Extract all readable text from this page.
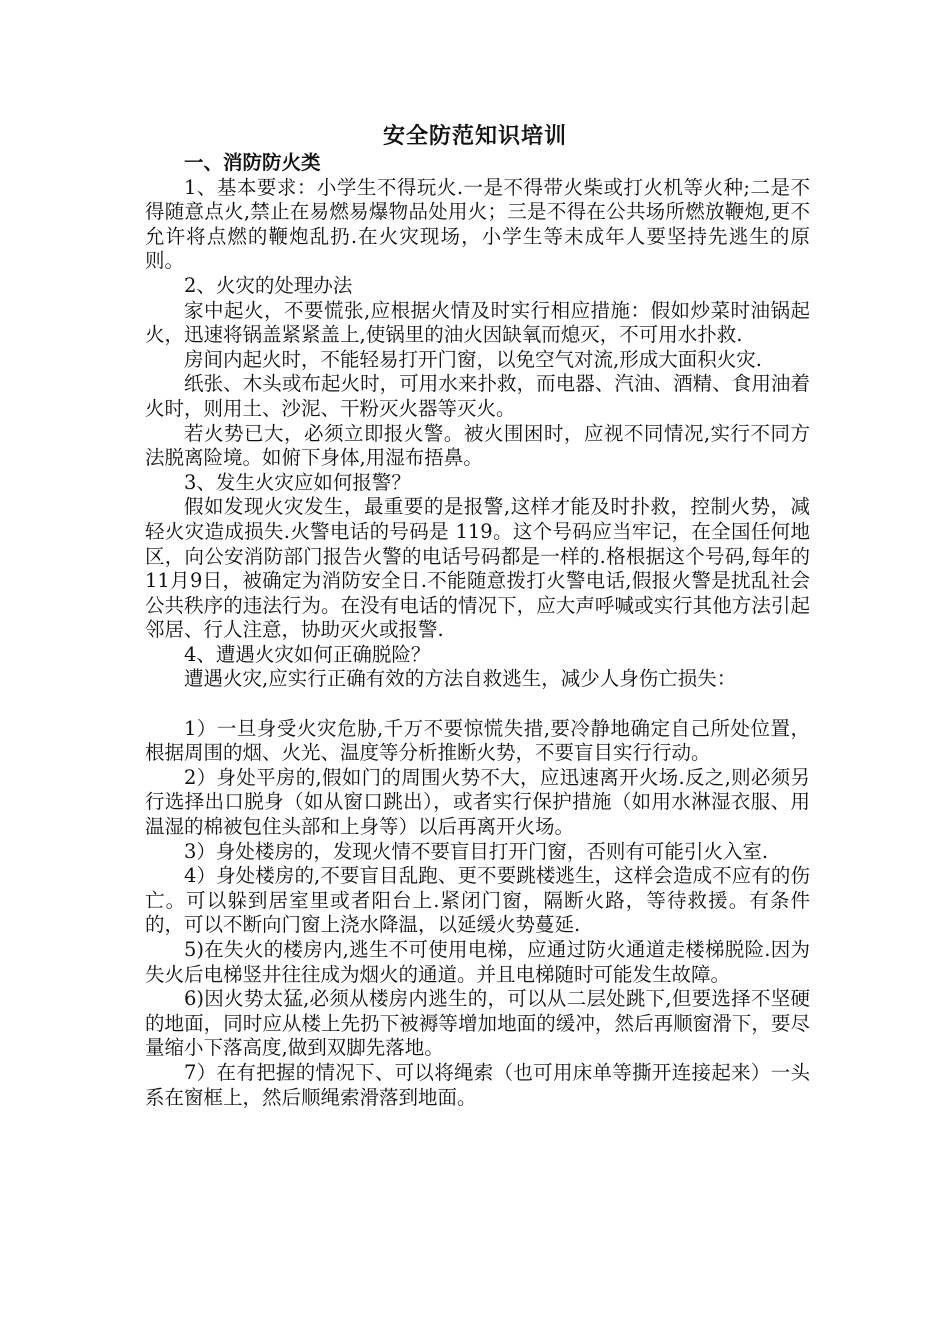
安全防范知识培训

一、消防防火类

1、基本要求：小学生不得玩火.一是不得带火柴或打火机等火种;二是不得随意点火,禁止在易燃易爆物品处用火；三是不得在公共场所燃放鞭炮,更不允许将点燃的鞭炮乱扔.在火灾现场，小学生等未成年人要坚持先逃生的原则。

2、火灾的处理办法

家中起火，不要慌张,应根据火情及时实行相应措施：假如炒菜时油锅起火，迅速将锅盖紧紧盖上,使锅里的油火因缺氧而熄灭，不可用水扑救.

房间内起火时，不能轻易打开门窗，以免空气对流,形成大面积火灾.

纸张、木头或布起火时，可用水来扑救，而电器、汽油、酒精、食用油着火时，则用土、沙泥、干粉灭火器等灭火。

若火势已大，必须立即报火警。被火围困时，应视不同情况,实行不同方法脱离险境。如俯下身体,用湿布捂鼻。

3、发生火灾应如何报警？

假如发现火灾发生，最重要的是报警,这样才能及时扑救，控制火势，减轻火灾造成损失.火警电话的号码是 119。这个号码应当牢记，在全国任何地区，向公安消防部门报告火警的电话号码都是一样的.格根据这个号码,每年的11月9日，被确定为消防安全日.不能随意拨打火警电话,假报火警是扰乱社会公共秩序的违法行为。在没有电话的情况下，应大声呼喊或实行其他方法引起邻居、行人注意，协助灭火或报警.

4、遭遇火灾如何正确脱险？

遭遇火灾,应实行正确有效的方法自救逃生，减少人身伤亡损失：

1）一旦身受火灾危胁,千万不要惊慌失措,要冷静地确定自己所处位置，根据周围的烟、火光、温度等分析推断火势，不要盲目实行行动。

2）身处平房的,假如门的周围火势不大，应迅速离开火场.反之,则必须另行选择出口脱身（如从窗口跳出），或者实行保护措施（如用水淋湿衣服、用温湿的棉被包住头部和上身等）以后再离开火场。

3）身处楼房的，发现火情不要盲目打开门窗，否则有可能引火入室.

4）身处楼房的,不要盲目乱跑、更不要跳楼逃生，这样会造成不应有的伤亡。可以躲到居室里或者阳台上.紧闭门窗，隔断火路，等待救援。有条件的，可以不断向门窗上浇水降温，以延缓火势蔓延.

5)在失火的楼房内,逃生不可使用电梯，应通过防火通道走楼梯脱险.因为失火后电梯竖井往往成为烟火的通道。并且电梯随时可能发生故障。

6)因火势太猛,必须从楼房内逃生的，可以从二层处跳下,但要选择不坚硬的地面，同时应从楼上先扔下被褥等增加地面的缓冲，然后再顺窗滑下，要尽量缩小下落高度,做到双脚先落地。

7）在有把握的情况下、可以将绳索（也可用床单等撕开连接起来）一头系在窗框上，然后顺绳索滑落到地面。
